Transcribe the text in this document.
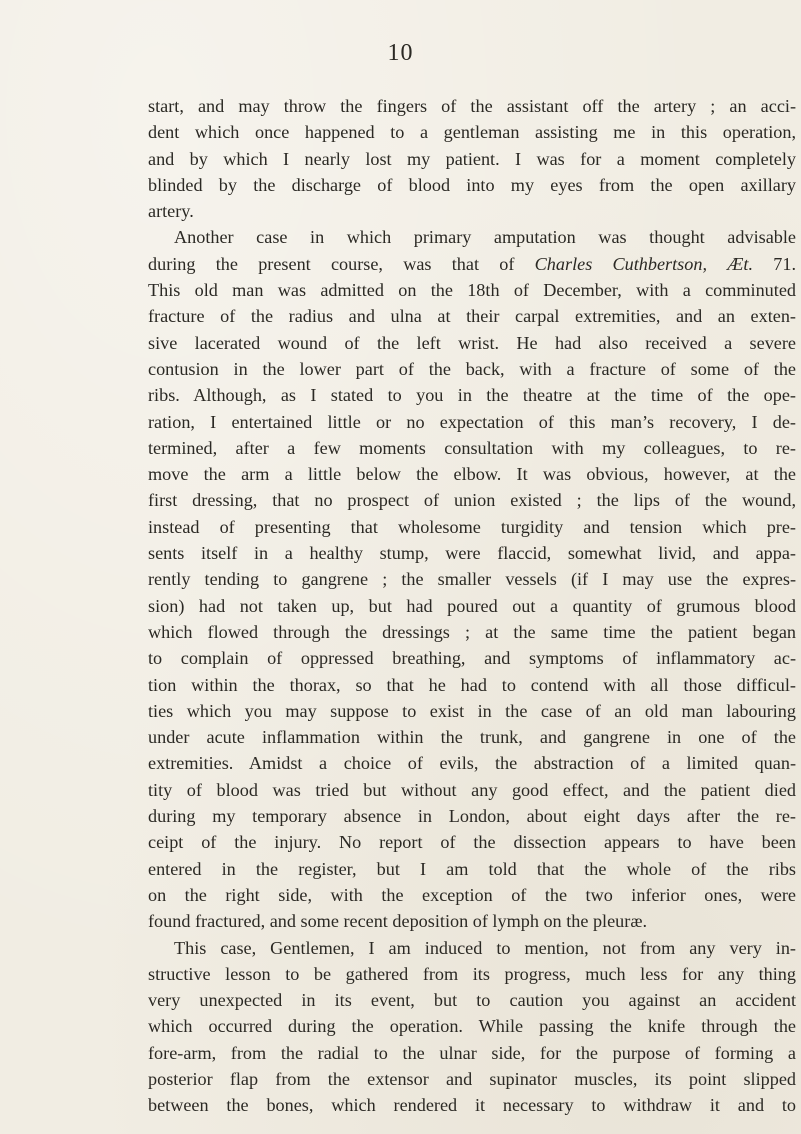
10
start, and may throw the fingers of the assistant off the artery ; an acci-
dent which once happened to a gentleman assisting me in this operation,
and by which I nearly lost my patient. I was for a moment completely
blinded by the discharge of blood into my eyes from the open axillary
artery.
Another case in which primary amputation was thought advisable
during the present course, was that of Charles Cuthbertson, Æt. 71.
This old man was admitted on the 18th of December, with a comminuted
fracture of the radius and ulna at their carpal extremities, and an exten-
sive lacerated wound of the left wrist. He had also received a severe
contusion in the lower part of the back, with a fracture of some of the
ribs. Although, as I stated to you in the theatre at the time of the ope-
ration, I entertained little or no expectation of this man’s recovery, I de-
termined, after a few moments consultation with my colleagues, to re-
move the arm a little below the elbow. It was obvious, however, at the
first dressing, that no prospect of union existed ; the lips of the wound,
instead of presenting that wholesome turgidity and tension which pre-
sents itself in a healthy stump, were flaccid, somewhat livid, and appa-
rently tending to gangrene ; the smaller vessels (if I may use the expres-
sion) had not taken up, but had poured out a quantity of grumous blood
which flowed through the dressings ; at the same time the patient began
to complain of oppressed breathing, and symptoms of inflammatory ac-
tion within the thorax, so that he had to contend with all those difficul-
ties which you may suppose to exist in the case of an old man labouring
under acute inflammation within the trunk, and gangrene in one of the
extremities. Amidst a choice of evils, the abstraction of a limited quan-
tity of blood was tried but without any good effect, and the patient died
during my temporary absence in London, about eight days after the re-
ceipt of the injury. No report of the dissection appears to have been
entered in the register, but I am told that the whole of the ribs
on the right side, with the exception of the two inferior ones, were
found fractured, and some recent deposition of lymph on the pleuræ.
This case, Gentlemen, I am induced to mention, not from any very in-
structive lesson to be gathered from its progress, much less for any thing
very unexpected in its event, but to caution you against an accident
which occurred during the operation. While passing the knife through the
fore-arm, from the radial to the ulnar side, for the purpose of forming a
posterior flap from the extensor and supinator muscles, its point slipped
between the bones, which rendered it necessary to withdraw it and to
